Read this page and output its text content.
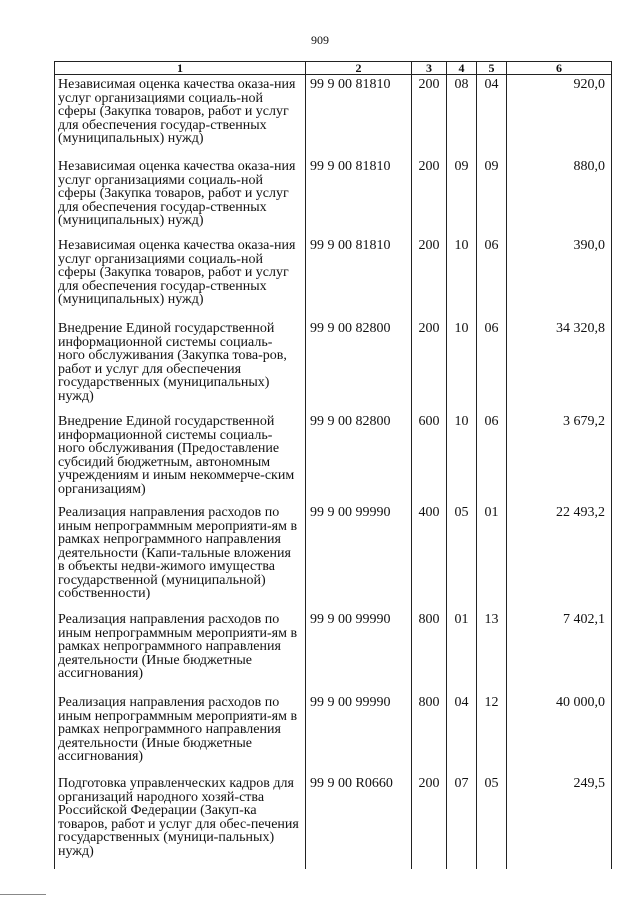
909
1	2	3	4	5	6
Независимая оценка качества оказа-ния услуг организациями социаль-ной сферы (Закупка товаров, работ и услуг для обеспечения государ-ственных (муниципальных) нужд)	99 9 00 81810	200	08	04	920,0
Независимая оценка качества оказа-ния услуг организациями социаль-ной сферы (Закупка товаров, работ и услуг для обеспечения государ-ственных (муниципальных) нужд)	99 9 00 81810	200	09	09	880,0
Независимая оценка качества оказа-ния услуг организациями социаль-ной сферы (Закупка товаров, работ и услуг для обеспечения государ-ственных (муниципальных) нужд)	99 9 00 81810	200	10	06	390,0
Внедрение Единой государственной информационной системы социаль-ного обслуживания (Закупка това-ров, работ и услуг для обеспечения государственных (муниципальных) нужд)	99 9 00 82800	200	10	06	34 320,8
Внедрение Единой государственной информационной системы социаль-ного обслуживания (Предоставление субсидий бюджетным, автономным учреждениям и иным некоммерче-ским организациям)	99 9 00 82800	600	10	06	3 679,2
Реализация направления расходов по иным непрограммным мероприяти-ям в рамках непрограммного направления деятельности (Капи-тальные вложения в объекты недви-жимого имущества государственной (муниципальной) собственности)	99 9 00 99990	400	05	01	22 493,2
Реализация направления расходов по иным непрограммным мероприяти-ям в рамках непрограммного направления деятельности (Иные бюджетные ассигнования)	99 9 00 99990	800	01	13	7 402,1
Реализация направления расходов по иным непрограммным мероприяти-ям в рамках непрограммного направления деятельности (Иные бюджетные ассигнования)	99 9 00 99990	800	04	12	40 000,0
Подготовка управленческих кадров для организаций народного хозяй-ства Российской Федерации (Закуп-ка товаров, работ и услуг для обес-печения государственных (муници-пальных) нужд)	99 9 00 R0660	200	07	05	249,5
